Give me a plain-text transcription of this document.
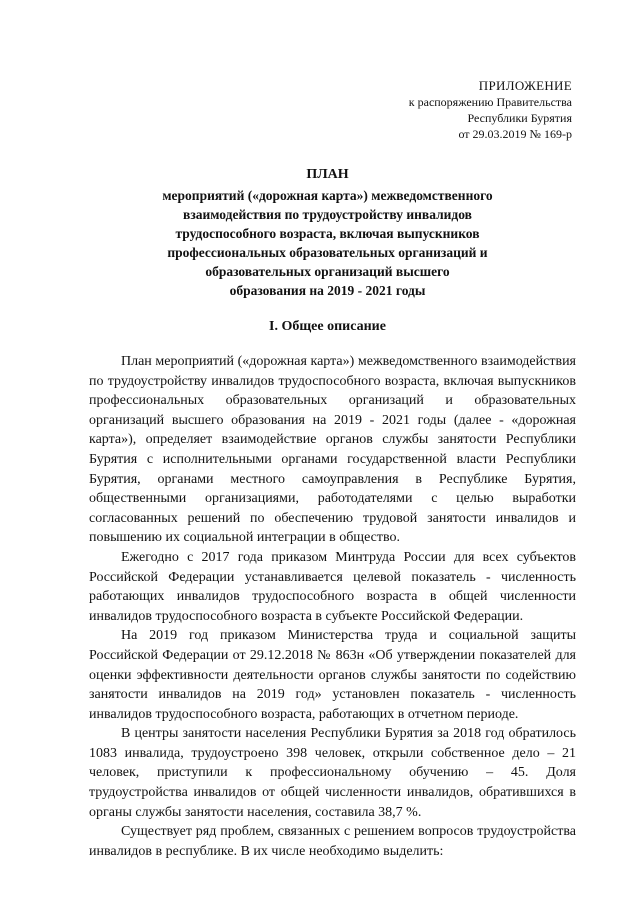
ПРИЛОЖЕНИЕ
к распоряжению Правительства
Республики Бурятия
от 29.03.2019 № 169-р
ПЛАН
мероприятий («дорожная карта») межведомственного
взаимодействия по трудоустройству инвалидов
трудоспособного возраста, включая выпускников
профессиональных образовательных организаций и
образовательных организаций высшего
образования на 2019 - 2021 годы
I. Общее описание

План мероприятий («дорожная карта») межведомственного взаимодействия по трудоустройству инвалидов трудоспособного возраста, включая выпускников профессиональных образовательных организаций и образовательных организаций высшего образования на 2019 - 2021 годы (далее - «дорожная карта»), определяет взаимодействие органов службы занятости Республики Бурятия с исполнительными органами государственной власти Республики Бурятия, органами местного самоуправления в Республике Бурятия, общественными организациями, работодателями с целью выработки согласованных решений по обеспечению трудовой занятости инвалидов и повышению их социальной интеграции в общество.

Ежегодно с 2017 года приказом Минтруда России для всех субъектов Российской Федерации устанавливается целевой показатель - численность работающих инвалидов трудоспособного возраста в общей численности инвалидов трудоспособного возраста в субъекте Российской Федерации.

На 2019 год приказом Министерства труда и социальной защиты Российской Федерации от 29.12.2018 № 863н «Об утверждении показателей для оценки эффективности деятельности органов службы занятости по содействию занятости инвалидов на 2019 год» установлен показатель - численность инвалидов трудоспособного возраста, работающих в отчетном периоде.

В центры занятости населения Республики Бурятия за 2018 год обратилось 1083 инвалида, трудоустроено 398 человек, открыли собственное дело – 21 человек, приступили к профессиональному обучению – 45. Доля трудоустройства инвалидов от общей численности инвалидов, обратившихся в органы службы занятости населения, составила 38,7 %.

Существует ряд проблем, связанных с решением вопросов трудоустройства инвалидов в республике. В их числе необходимо выделить:
